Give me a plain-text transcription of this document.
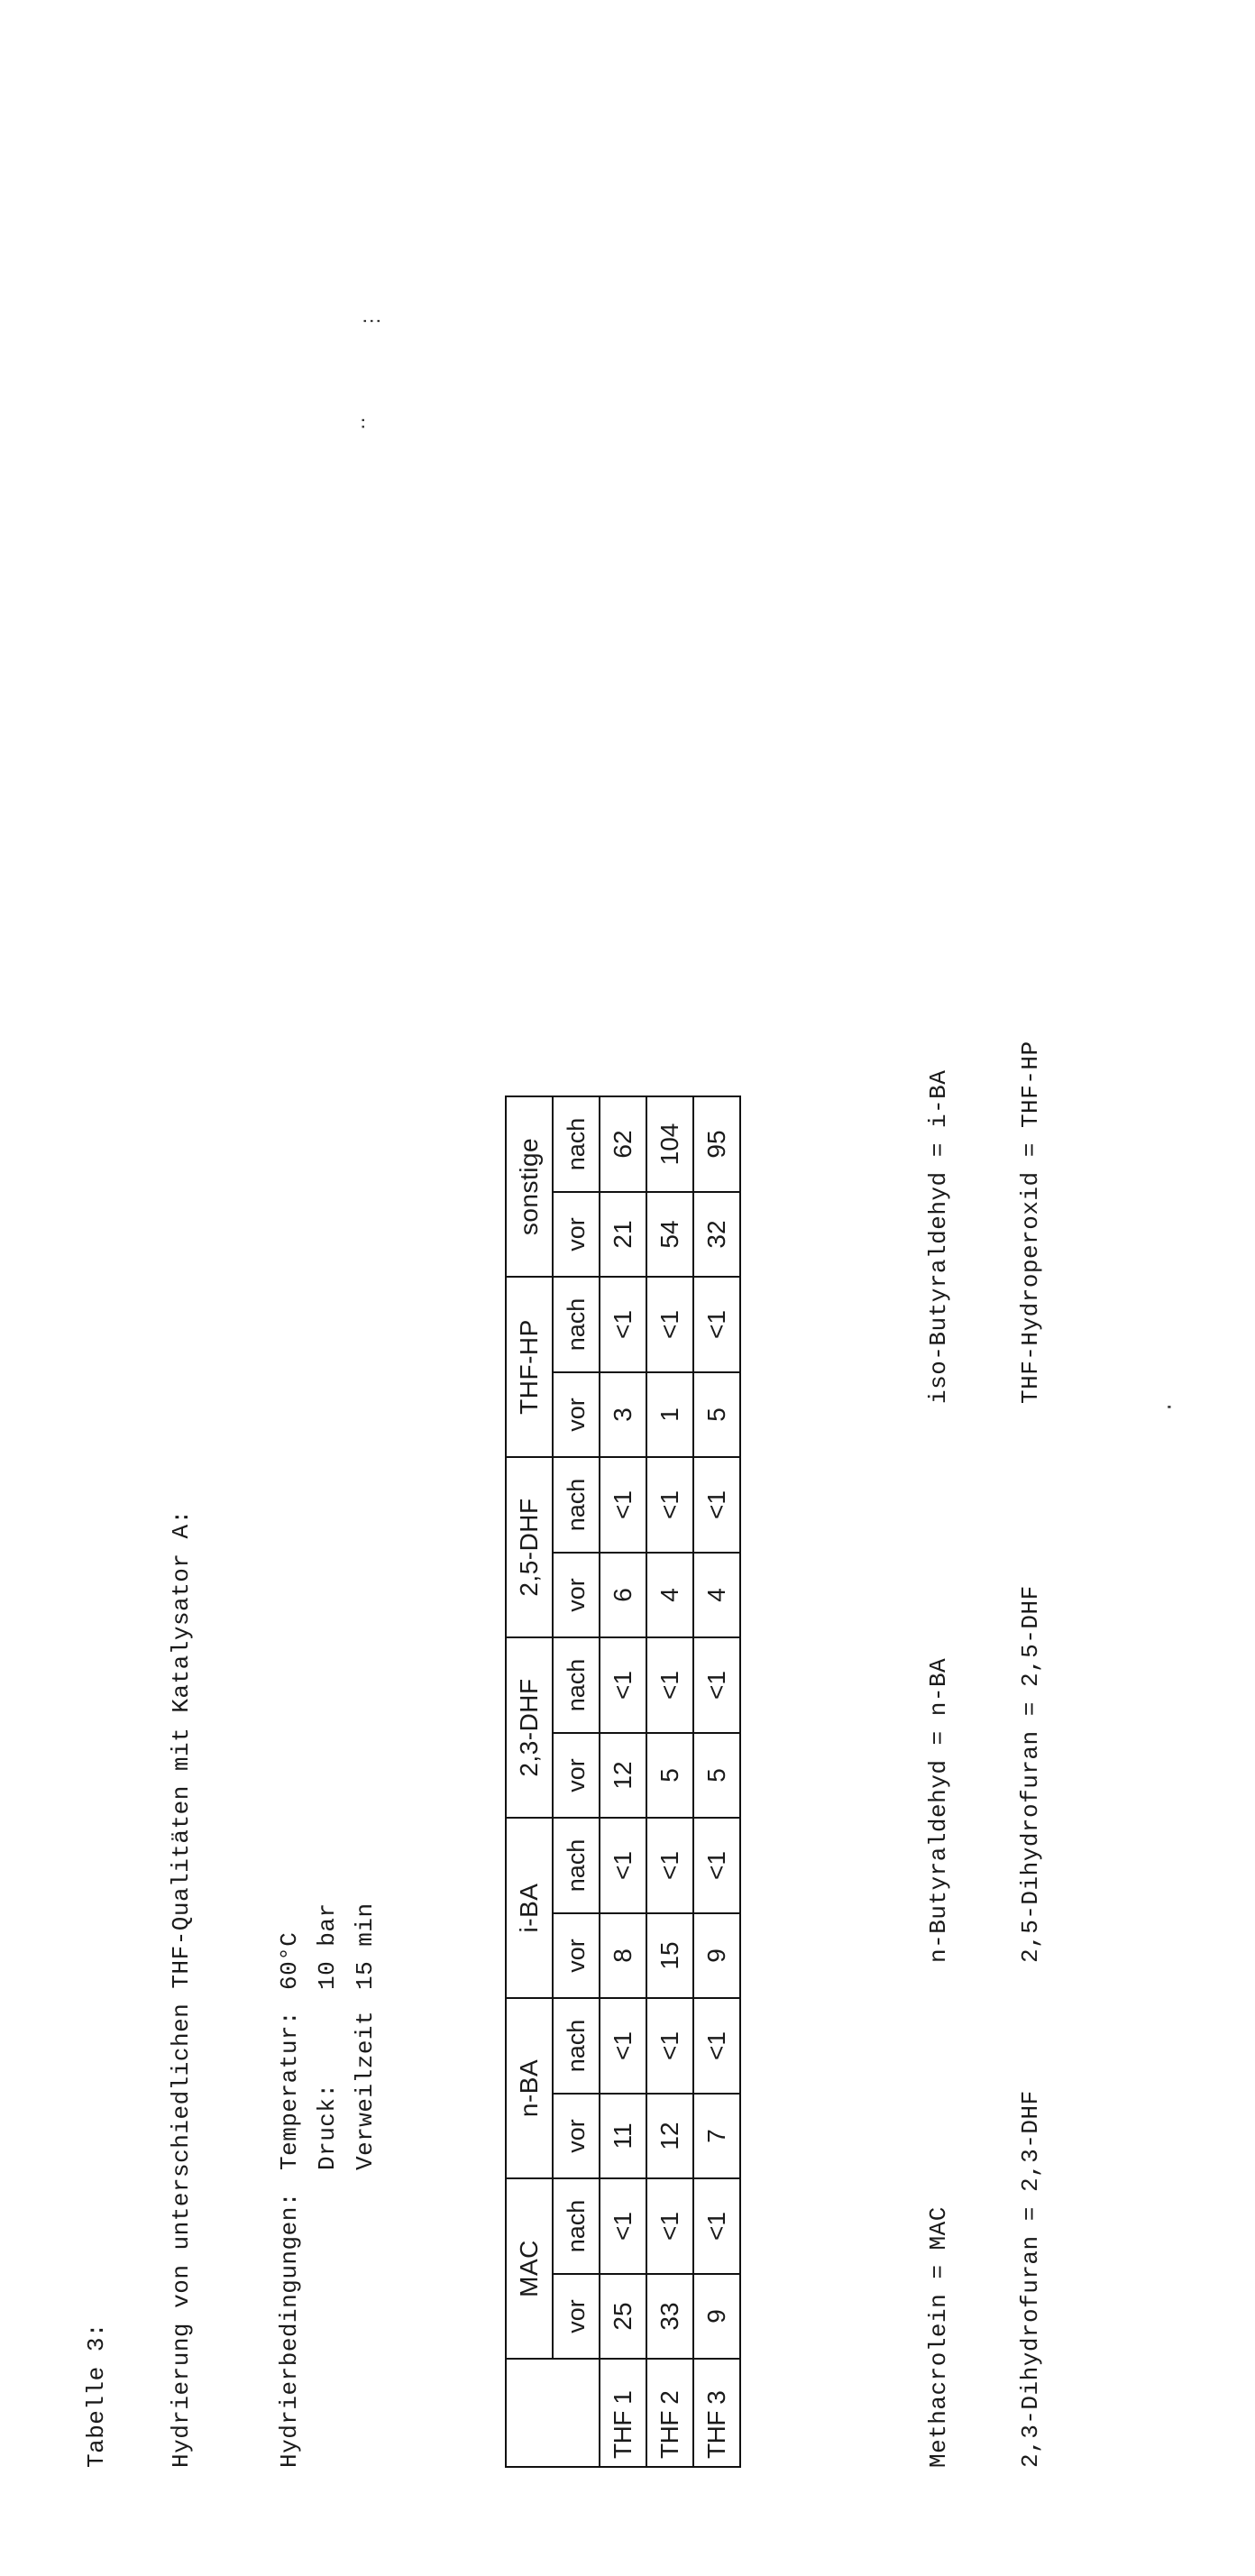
Tabelle 3: Hydrierung von unterschiedlichen THF-Qualitäten mit Katalysator A:	Hydrierbedingungen:
Temperatur:
60°C
Druck:
10 bar
Verweilzeit
15 min
	MAC		n-BA		i-BA		2,3-DHF		2,5-DHF		THF-HP		sonstige	
	vor	nach	vor	nach	vor	nach	vor	nach	vor	nach	vor	nach	vor	nach
THF 1	25	<1	11	<1	8	<1	12	<1	6	<1	3	<1	21	62
THF 2	33	<1	12	<1	15	<1	5	<1	4	<1	1	<1	54	104
THF 3	9	<1	7	<1	9	<1	5	<1	4	<1	5	<1	32	95

Methacrolein = MAC
n-Butyraldehyd = n-BA
iso-Butyraldehyd = i-BA

2,3-Dihydrofuran = 2,3-DHF
2,5-Dihydrofuran = 2,5-DHF
THF-Hydroperoxid = THF-HP

⋮
․․
·
